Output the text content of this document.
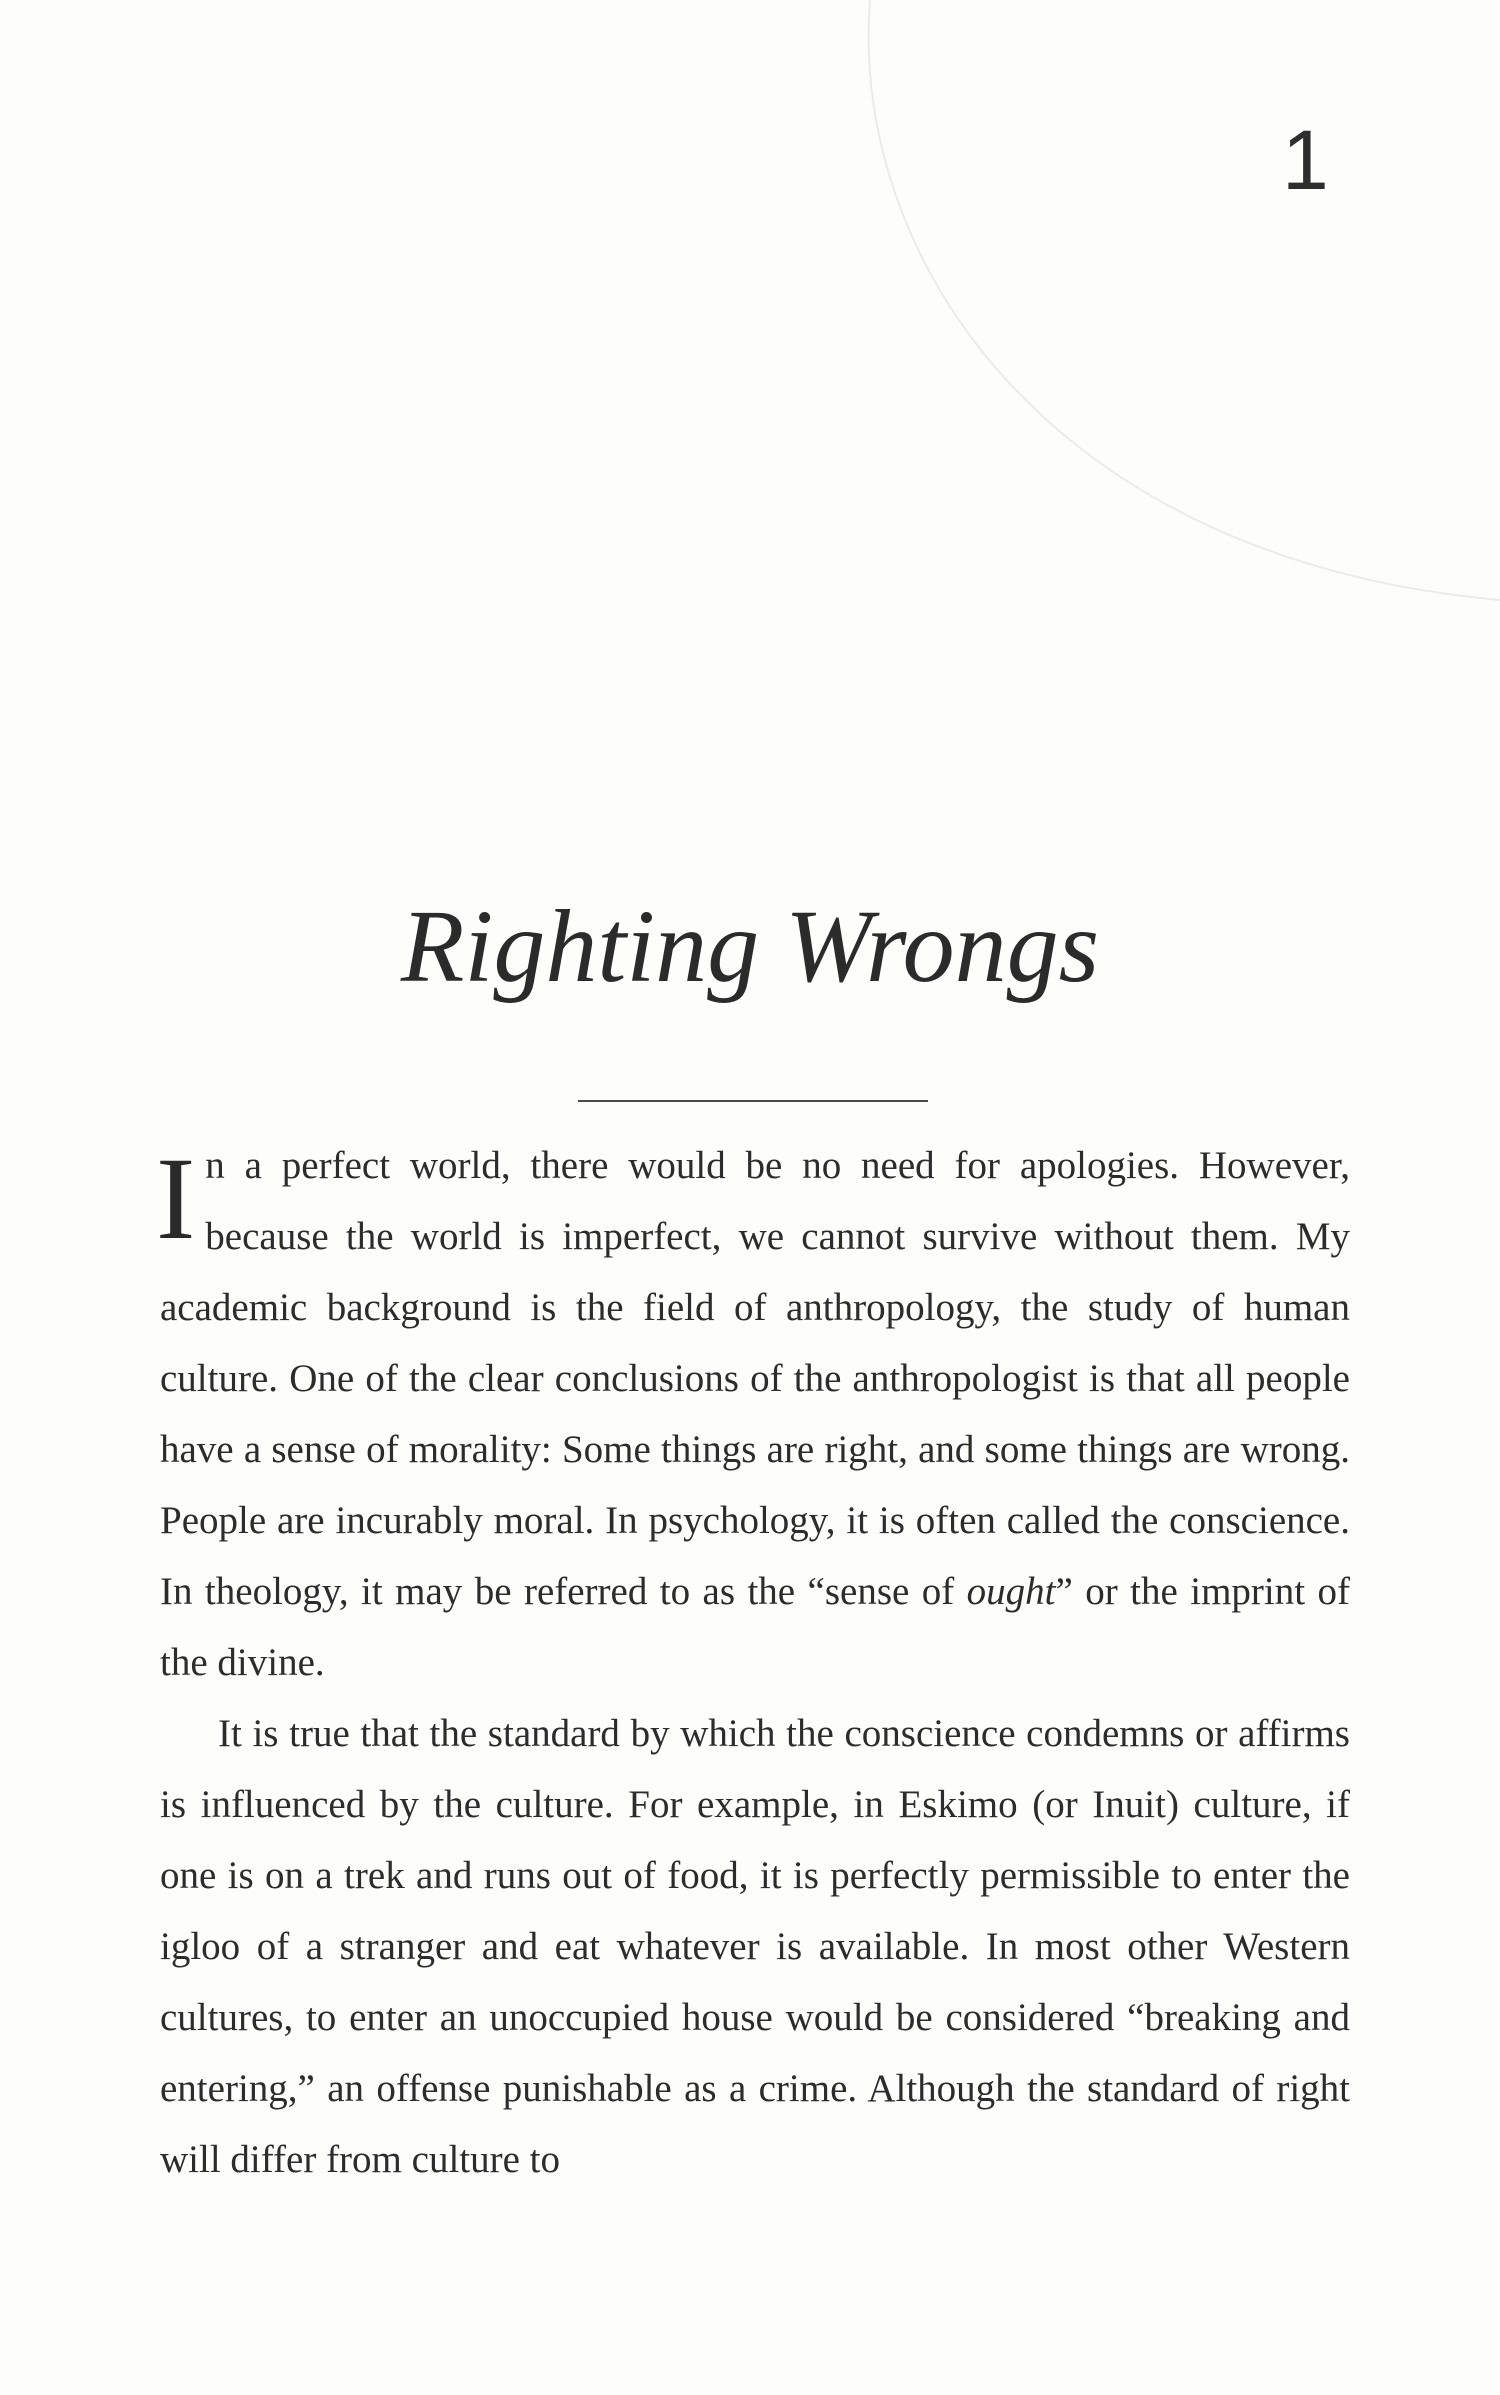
1
Righting Wrongs

In a perfect world, there would be no need for apologies. However, because the world is imperfect, we cannot survive without them. My academic background is the field of anthropology, the study of human culture. One of the clear conclusions of the anthropologist is that all people have a sense of morality: Some things are right, and some things are wrong. People are incurably moral. In psychology, it is often called the conscience. In theology, it may be referred to as the “sense of ought” or the imprint of the divine.

It is true that the standard by which the conscience condemns or affirms is influenced by the culture. For example, in Eskimo (or Inuit) culture, if one is on a trek and runs out of food, it is perfectly permissible to enter the igloo of a stranger and eat whatever is available. In most other Western cultures, to enter an unoccupied house would be considered “breaking and entering,” an offense punishable as a crime. Although the standard of right will differ from culture to
